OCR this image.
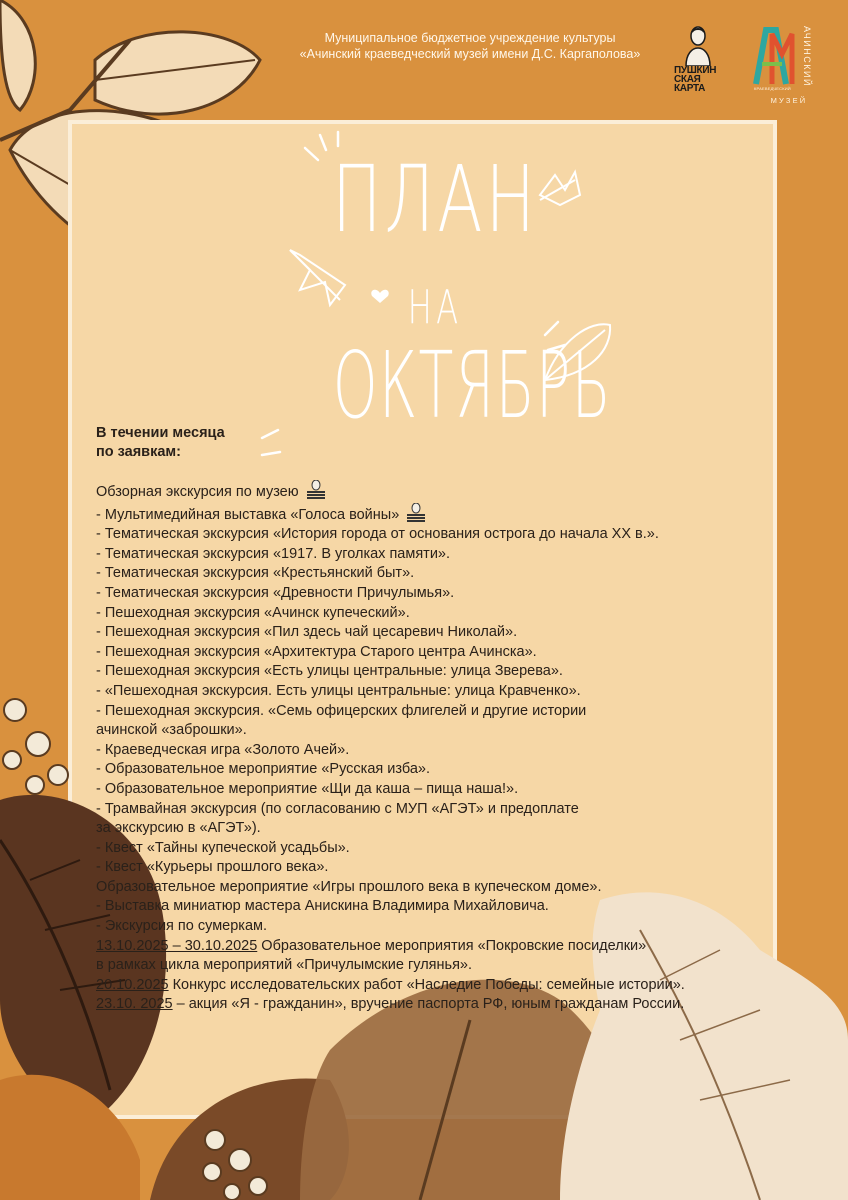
Муниципальное бюджетное учреждение культуры
«Ачинский краеведческий музей имени Д.С. Каргаполова»
ПУШКИН
СКАЯ
КАРТА	КРАЕВЕДЧЕСКИЙ
АЧИНСКИЙ
МУЗЕЙ
ПЛАН
НА
ОКТЯБРЬ
В течении месяца
по заявкам:
Обзорная экскурсия по музею
- Мультимедийная выставка «Голоса войны»
- Тематическая экскурсия «История города от основания острога до начала XX в.».
- Тематическая экскурсия «1917. В уголках памяти».
- Тематическая экскурсия «Крестьянский быт».
- Тематическая экскурсия «Древности Причулымья».
- Пешеходная экскурсия «Ачинск купеческий».
- Пешеходная экскурсия «Пил здесь чай цесаревич Николай».
- Пешеходная экскурсия «Архитектура Старого центра Ачинска».
- Пешеходная экскурсия «Есть улицы центральные: улица Зверева».
- «Пешеходная экскурсия. Есть улицы центральные: улица Кравченко».
- Пешеходная экскурсия. «Семь офицерских флигелей и другие истории
ачинской «заброшки».
- Краеведческая игра «Золото Ачей».
- Образовательное мероприятие «Русская изба».
- Образовательное мероприятие «Щи да каша – пища наша!».
- Трамвайная экскурсия (по согласованию с МУП «АГЭТ» и предоплате
за экскурсию в «АГЭТ»).
- Квест «Тайны купеческой усадьбы».
- Квест «Курьеры прошлого века».
Образовательное мероприятие «Игры прошлого века в купеческом доме».
- Выставка миниатюр мастера Анискина Владимира Михайловича.
- Экскурсия по сумеркам.
13.10.2025 – 30.10.2025 Образовательное мероприятия «Покровские посиделки»
в рамках цикла мероприятий «Причулымские гулянья».
20.10.2025 Конкурс исследовательских работ «Наследие Победы: семейные истории».
23.10. 2025 – акция «Я - гражданин», вручение паспорта РФ, юным гражданам России.
